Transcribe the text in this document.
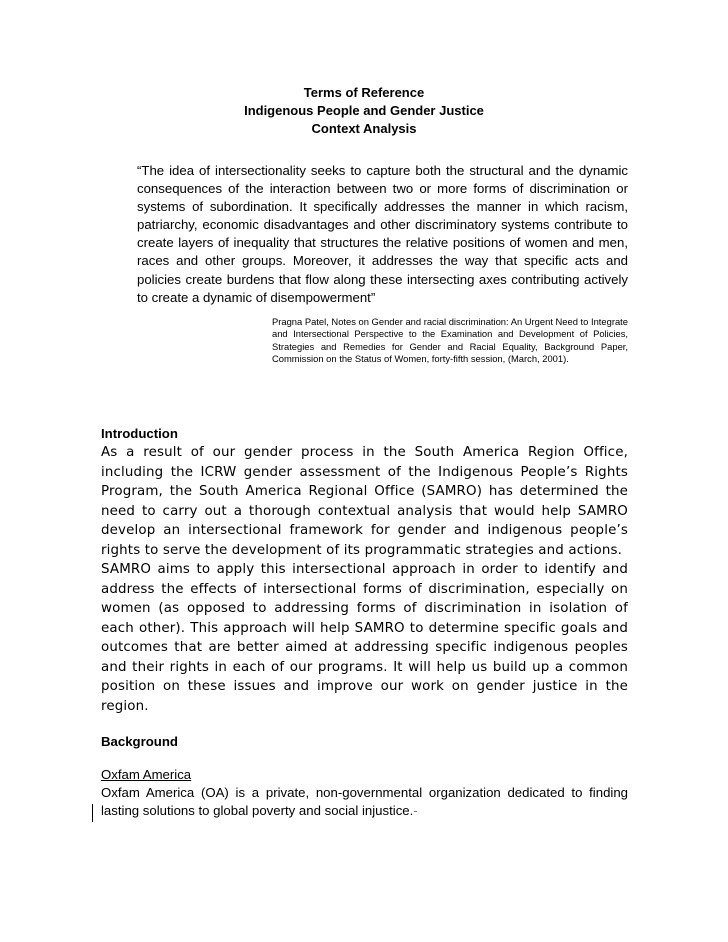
Terms of Reference
Indigenous People and Gender Justice
Context Analysis
“The idea of intersectionality seeks to capture both the structural and the dynamic consequences of the interaction between two or more forms of discrimination or systems of subordination. It specifically addresses the manner in which racism, patriarchy, economic disadvantages and other discriminatory systems contribute to create layers of inequality that structures the relative positions of women and men, races and other groups. Moreover, it addresses the way that specific acts and policies create burdens that flow along these intersecting axes contributing actively to create a dynamic of disempowerment”
Pragna Patel, Notes on Gender and racial discrimination: An Urgent Need to Integrate and Intersectional Perspective to the Examination and Development of Policies, Strategies and Remedies for Gender and Racial Equality, Background Paper, Commission on the Status of Women, forty-fifth session, (March, 2001).
Introduction
As a result of our gender process in the South America Region Office, including the ICRW gender assessment of the Indigenous People’s Rights Program, the South America Regional Office (SAMRO) has determined the need to carry out a thorough contextual analysis that would help SAMRO develop an intersectional framework for gender and indigenous people’s rights to serve the development of its programmatic strategies and actions.
SAMRO aims to apply this intersectional approach in order to identify and address the effects of intersectional forms of discrimination, especially on women (as opposed to addressing forms of discrimination in isolation of each other). This approach will help SAMRO to determine specific goals and outcomes that are better aimed at addressing specific indigenous peoples and their rights in each of our programs. It will help us build up a common position on these issues and improve our work on gender justice in the region.
Background
Oxfam America
Oxfam America (OA) is a private, non-governmental organization dedicated to finding lasting solutions to global poverty and social injustice.-
